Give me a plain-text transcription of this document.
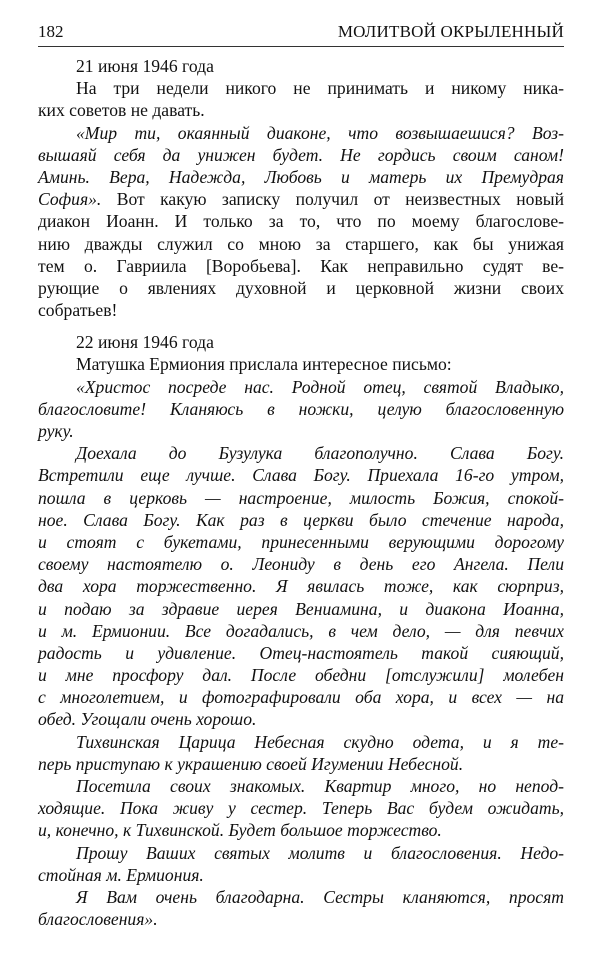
182	МОЛИТВОЙ ОКРЫЛЕННЫЙ
21 июня 1946 года
На три недели никого не принимать и никому ника-
ких советов не давать.
«Мир ти, окаянный диаконе, что возвышаешися? Воз-
вышаяй себя да унижен будет. Не гордись своим саном!
Аминь. Вера, Надежда, Любовь и матерь их Премудрая
София». Вот какую записку получил от неизвестных новый
диакон Иоанн. И только за то, что по моему благослове-
нию дважды служил со мною за старшего, как бы унижая
тем о. Гавриила [Воробьева]. Как неправильно судят ве-
рующие о явлениях духовной и церковной жизни своих
собратьев!
22 июня 1946 года
Матушка Ермиония прислала интересное письмо:
«Христос посреде нас. Родной отец, святой Владыко,
благословите! Кланяюсь в ножки, целую благословенную
руку.
Доехала до Бузулука благополучно. Слава Богу.
Встретили еще лучше. Слава Богу. Приехала 16-го утром,
пошла в церковь — настроение, милость Божия, спокой-
ное. Слава Богу. Как раз в церкви было стечение народа,
и стоят с букетами, принесенными верующими дорогому
своему настоятелю о. Леониду в день его Ангела. Пели
два хора торжественно. Я явилась тоже, как сюрприз,
и подаю за здравие иерея Вениамина, и диакона Иоанна,
и м. Ермионии. Все догадались, в чем дело, — для певчих
радость и удивление. Отец-настоятель такой сияющий,
и мне просфору дал. После обедни [отслужили] молебен
с многолетием, и фотографировали оба хора, и всех — на
обед. Угощали очень хорошо.
Тихвинская Царица Небесная скудно одета, и я те-
перь приступаю к украшению своей Игумении Небесной.
Посетила своих знакомых. Квартир много, но непод-
ходящие. Пока живу у сестер. Теперь Вас будем ожидать,
и, конечно, к Тихвинской. Будет большое торжество.
Прошу Ваших святых молитв и благословения. Недо-
стойная м. Ермиония.
Я Вам очень благодарна. Сестры кланяются, просят
благословения».
